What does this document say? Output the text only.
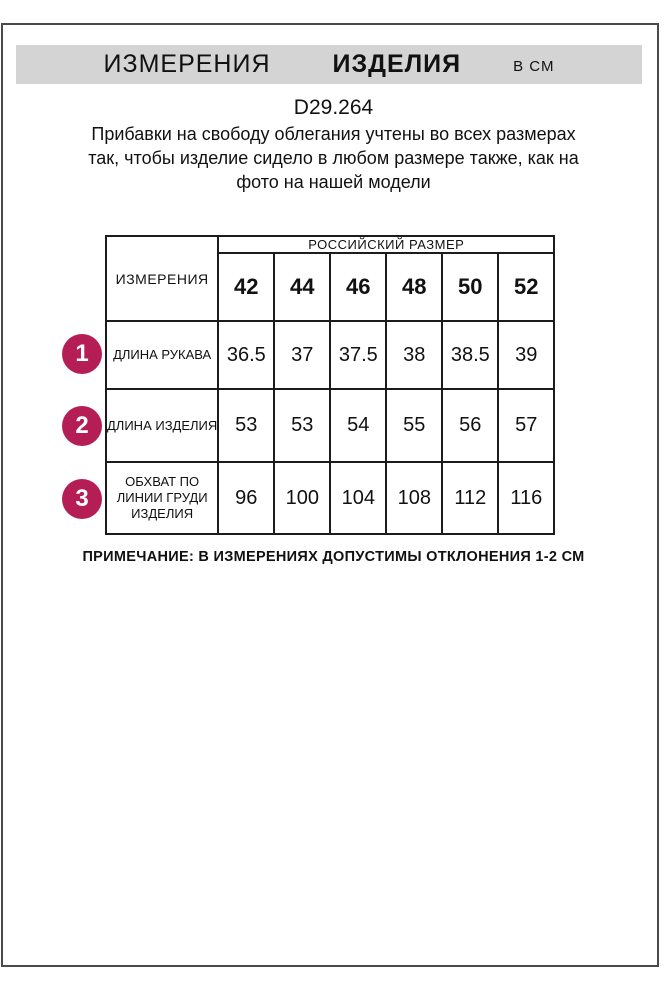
ИЗМЕРЕНИЯ ИЗДЕЛИЯ	В СМ
D29.264
Прибавки на свободу облегания учтены во всех размерах
так, чтобы изделие сидело в любом размере также, как на
фото на нашей модели
ИЗМЕРЕНИЯ	РОССИЙСКИЙ РАЗМЕР					
	42	44	46	48	50	52
ДЛИНА РУКАВА	36.5	37	37.5	38	38.5	39
ДЛИНА ИЗДЕЛИЯ	53	53	54	55	56	57
ОБХВАТ ПО ЛИНИИ ГРУДИ ИЗДЕЛИЯ	96	100	104	108	112	116
1
2
3
ПРИМЕЧАНИЕ: В ИЗМЕРЕНИЯХ ДОПУСТИМЫ ОТКЛОНЕНИЯ 1-2 СМ
